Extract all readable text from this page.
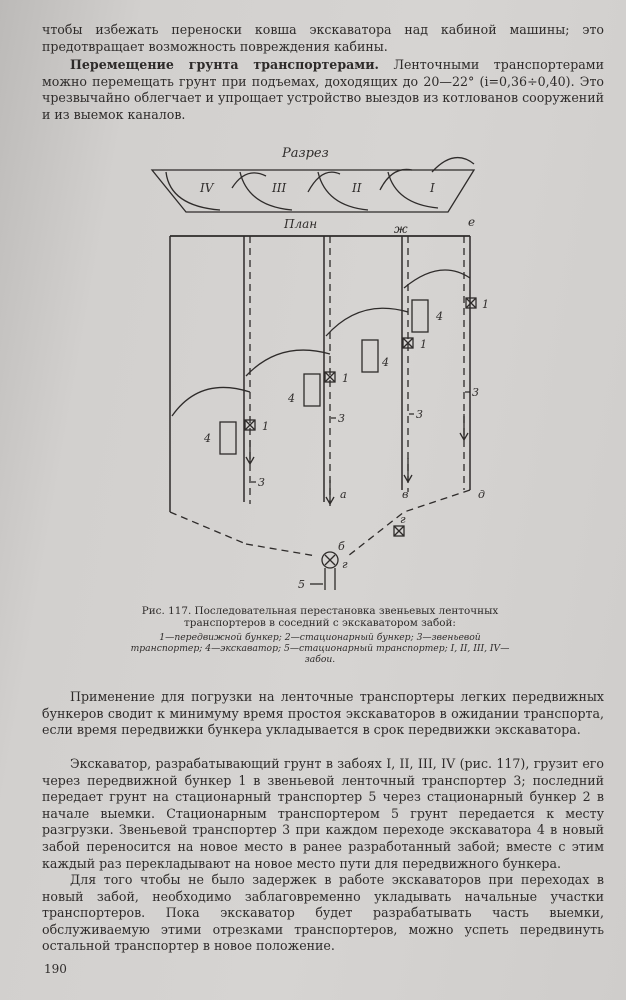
чтобы избежать переноски ковша экскаватора над кабиной машины; это предотвращает возможность повреждения кабины.

Перемещение грунта транспортерами. Ленточными транспортерами можно перемещать грунт при подъемах, доходящих до 20—22° (i=0,36÷0,40). Это чрезвычайно облегчает и упрощает устройство выездов из котлованов сооружений и из выемок каналов.

Разрез
IV	III	II	I
План	ж	е
4
4
4
4
1
1
1
1
3
3	3
3
а	в	д
г
б
г
5

Рис. 117. Последовательная перестановка звеньевых ленточных транспортеров в соседний с экскаватором забой:

1—передвижной бункер; 2—стационарный бункер; 3—звеньевой транспортер; 4—экскаватор; 5—стационарный транспортер; I, II, III, IV—забои.

Применение для погрузки на ленточные транспортеры легких передвижных бункеров сводит к минимуму время простоя экскаваторов в ожидании транспорта, если время передвижки бункера укладывается в срок передвижки экскаватора.

Экскаватор, разрабатывающий грунт в забоях I, II, III, IV (рис. 117), грузит его через передвижной бункер 1 в звеньевой ленточный транспортер 3; последний передает грунт на стационарный транспортер 5 через стационарный бункер 2 в начале выемки. Стационарным транспортером 5 грунт передается к месту разгрузки. Звеньевой транспортер 3 при каждом переходе экскаватора 4 в новый забой переносится на новое место в ранее разработанный забой; вместе с этим каждый раз перекладывают на новое место пути для передвижного бункера.

Для того чтобы не было задержек в работе экскаваторов при переходах в новый забой, необходимо заблаговременно укладывать начальные участки транспортеров. Пока экскаватор будет разрабатывать часть выемки, обслуживаемую этими отрезками транспортеров, можно успеть передвинуть остальной транспортер в новое положение.

190
